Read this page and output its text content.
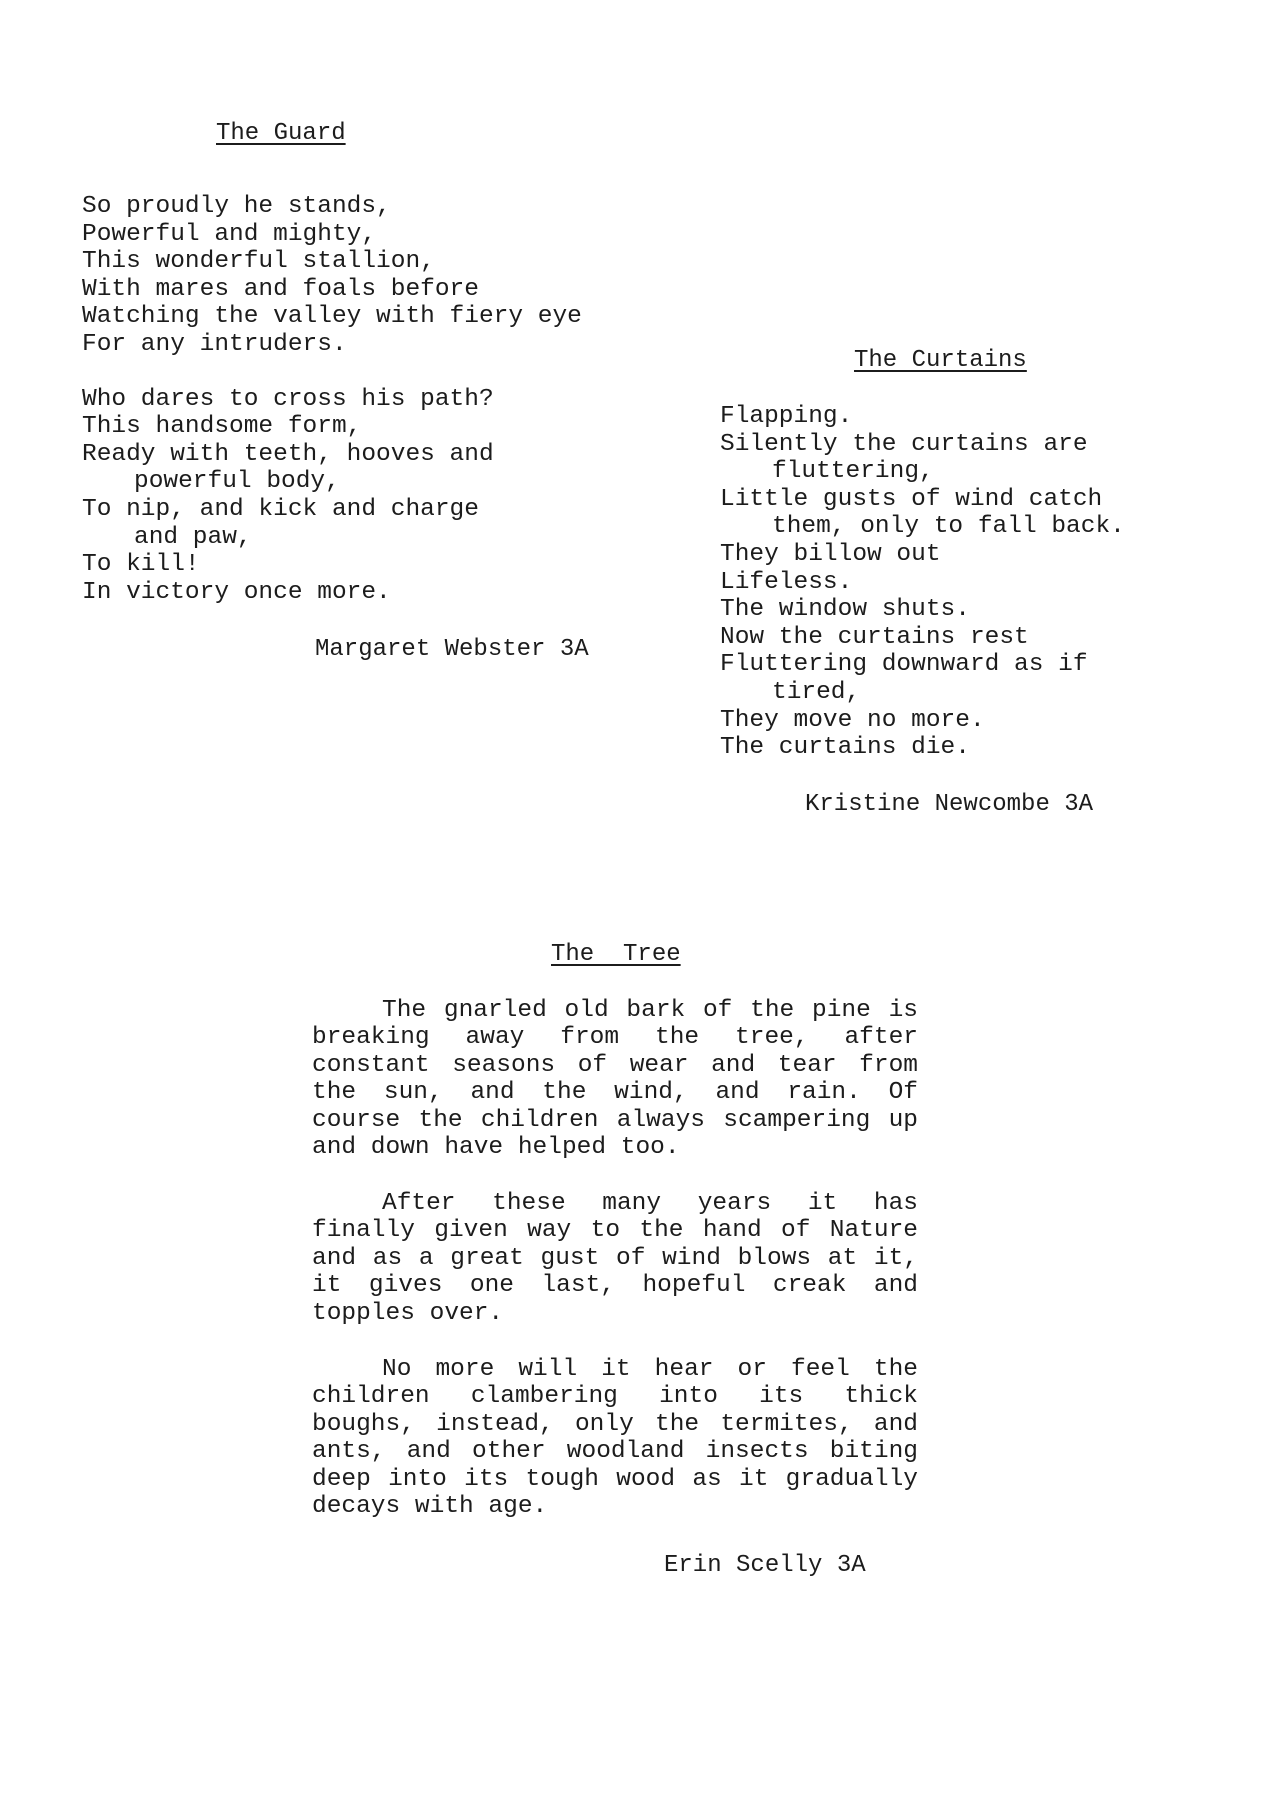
The Guard
So proudly he stands,
Powerful and mighty,
This wonderful stallion,
With mares and foals before
Watching the valley with fiery eye
For any intruders.
Who dares to cross his path?
This handsome form,
Ready with teeth, hooves and
powerful body,
To nip, and kick and charge
and paw,
To kill!
In victory once more.
Margaret Webster 3A
The Curtains
Flapping.
Silently the curtains are
fluttering,
Little gusts of wind catch
them, only to fall back.
They billow out
Lifeless.
The window shuts.
Now the curtains rest
Fluttering downward as if
tired,
They move no more.
The curtains die.
Kristine Newcombe 3A
The  Tree

The gnarled old bark of the pine is breaking away from the tree, after constant seasons of wear and tear from the sun, and the wind, and rain. Of course the children always scampering up and down have helped too.

After these many years it has finally given way to the hand of Nature and as a great gust of wind blows at it, it gives one last, hopeful creak and topples over.

No more will it hear or feel the children clambering into its thick boughs, instead, only the termites, and ants, and other woodland insects biting deep into its tough wood as it gradually decays with age.

Erin Scelly 3A
